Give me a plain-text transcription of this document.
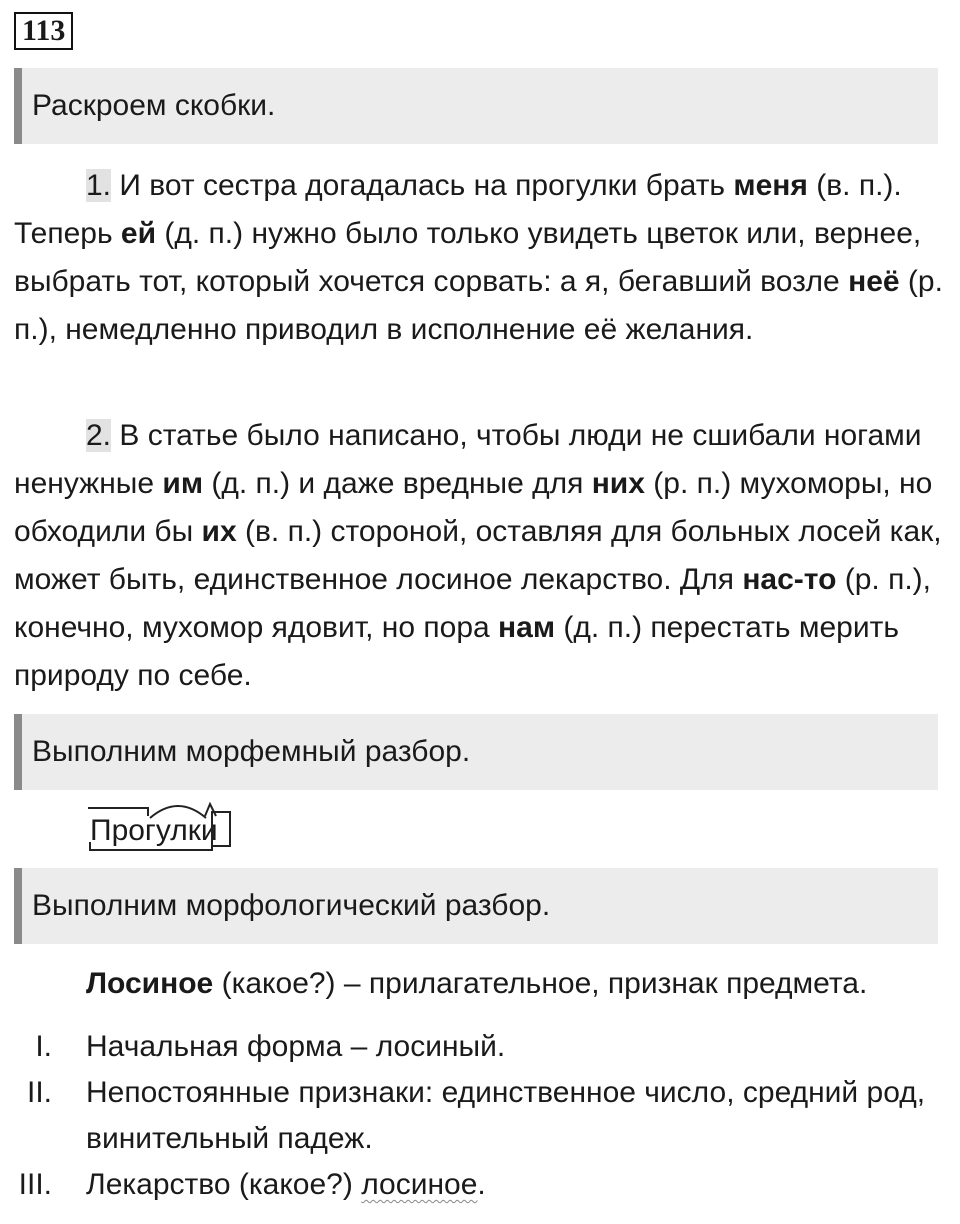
113
Раскроем скобки.

1. И вот сестра догадалась на прогулки брать меня (в. п.). Теперь ей (д. п.) нужно было только увидеть цветок или, вернее, выбрать тот, который хочется сорвать: а я, бегавший возле неё (р. п.), немедленно приводил в исполнение её желания.

2. В статье было написано, чтобы люди не сшибали ногами ненужные им (д. п.) и даже вредные для них (р. п.) мухоморы, но обходили бы их (в. п.) стороной, оставляя для больных лосей как, может быть, единственное лосиное лекарство. Для нас-то (р. п.), конечно, мухомор ядовит, но пора нам (д. п.) перестать мерить природу по себе.

Выполним морфемный разбор.
Прогулки
Выполним морфологический разбор.
Лосиное (какое?) – прилагательное, признак предмета.
I. Начальная форма – лосиный.
II. Непостоянные признаки: единственное число, средний род, винительный падеж.
III. Лекарство (какое?) лосиное.
